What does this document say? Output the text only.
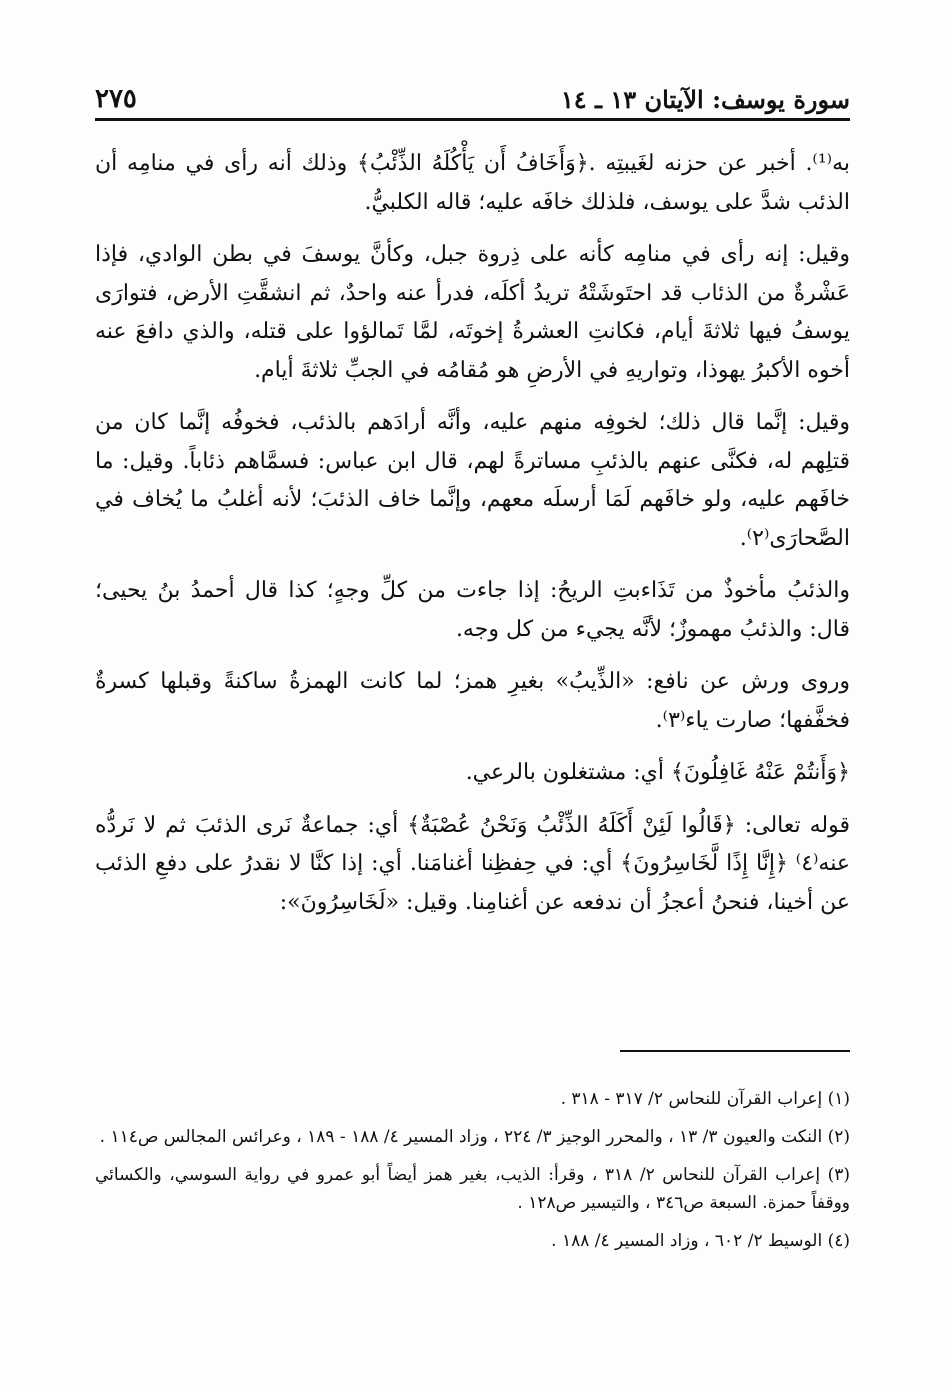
سورة يوسف: الآيتان ١٣ ـ ١٤
٢٧٥

به⁽¹⁾. أخبر عن حزنه لغَيبتِه .﴿وَأَخَافُ أَن يَأْكُلَهُ الذِّئْبُ﴾ وذلك أنه رأى في منامِه أن الذئب شدَّ على يوسف، فلذلك خافَه عليه؛ قاله الكلبيُّ.

وقيل: إنه رأى في منامِه كأنه على ذِروة جبل، وكأنَّ يوسفَ في بطن الوادي، فإذا عَشْرةٌ من الذئاب قد احتَوشَتْهُ تريدُ أكلَه، فدرأ عنه واحدٌ، ثم انشقَّتِ الأرض، فتوارَى يوسفُ فيها ثلاثةَ أيام، فكانتِ العشرةُ إخوتَه، لمَّا تَمالؤوا على قتله، والذي دافعَ عنه أخوه الأكبرُ يهوذا، وتواريهِ في الأرضِ هو مُقامُه في الجبِّ ثلاثةَ أيام.

وقيل: إنَّما قال ذلك؛ لخوفِه منهم عليه، وأنَّه أرادَهم بالذئب، فخوفُه إنَّما كان من قتلِهم له، فكنَّى عنهم بالذئبِ مساترةً لهم، قال ابن عباس: فسمَّاهم ذئاباً. وقيل: ما خافَهم عليه، ولو خافَهم لَمَا أرسلَه معهم، وإنَّما خاف الذئبَ؛ لأنه أغلبُ ما يُخاف في الصَّحارَى⁽٢⁾.

والذئبُ مأخوذٌ من تَذَاءبتِ الريحُ: إذا جاءت من كلِّ وجهٍ؛ كذا قال أحمدُ بنُ يحيى؛ قال: والذئبُ مهموزٌ؛ لأنَّه يجيء من كل وجه.

وروى ورش عن نافع: «الذِّيبُ» بغيرِ همز؛ لما كانت الهمزةُ ساكنةً وقبلها كسرةٌ فخفَّفها؛ صارت ياء⁽٣⁾.

﴿وَأَنتُمْ عَنْهُ غَافِلُونَ﴾ أي: مشتغلون بالرعي.

قوله تعالى: ﴿قَالُوا لَئِنْ أَكَلَهُ الذِّئْبُ وَنَحْنُ عُصْبَةٌ﴾ أي: جماعةٌ نَرى الذئبَ ثم لا نَردُّه عنه⁽٤⁾ ﴿إِنَّا إِذًا لَّخَاسِرُونَ﴾ أي: في حِفظِنا أغنامَنا. أي: إذا كنَّا لا نقدرُ على دفعِ الذئب عن أخينا، فنحنُ أعجزُ أن ندفعه عن أغنامِنا. وقيل: «لَخَاسِرُونَ»:

(١) إعراب القرآن للنحاس ٢/ ٣١٧ - ٣١٨ .

(٢) النكت والعيون ٣/ ١٣ ، والمحرر الوجيز ٣/ ٢٢٤ ، وزاد المسير ٤/ ١٨٨ - ١٨٩ ، وعرائس المجالس ص١١٤ .

(٣) إعراب القرآن للنحاس ٢/ ٣١٨ ، وقرأ: الذيب، بغير همز أيضاً أبو عمرو في رواية السوسي، والكسائي ووقفاً حمزة. السبعة ص٣٤٦ ، والتيسير ص١٢٨ .

(٤) الوسيط ٢/ ٦٠٢ ، وزاد المسير ٤/ ١٨٨ .
